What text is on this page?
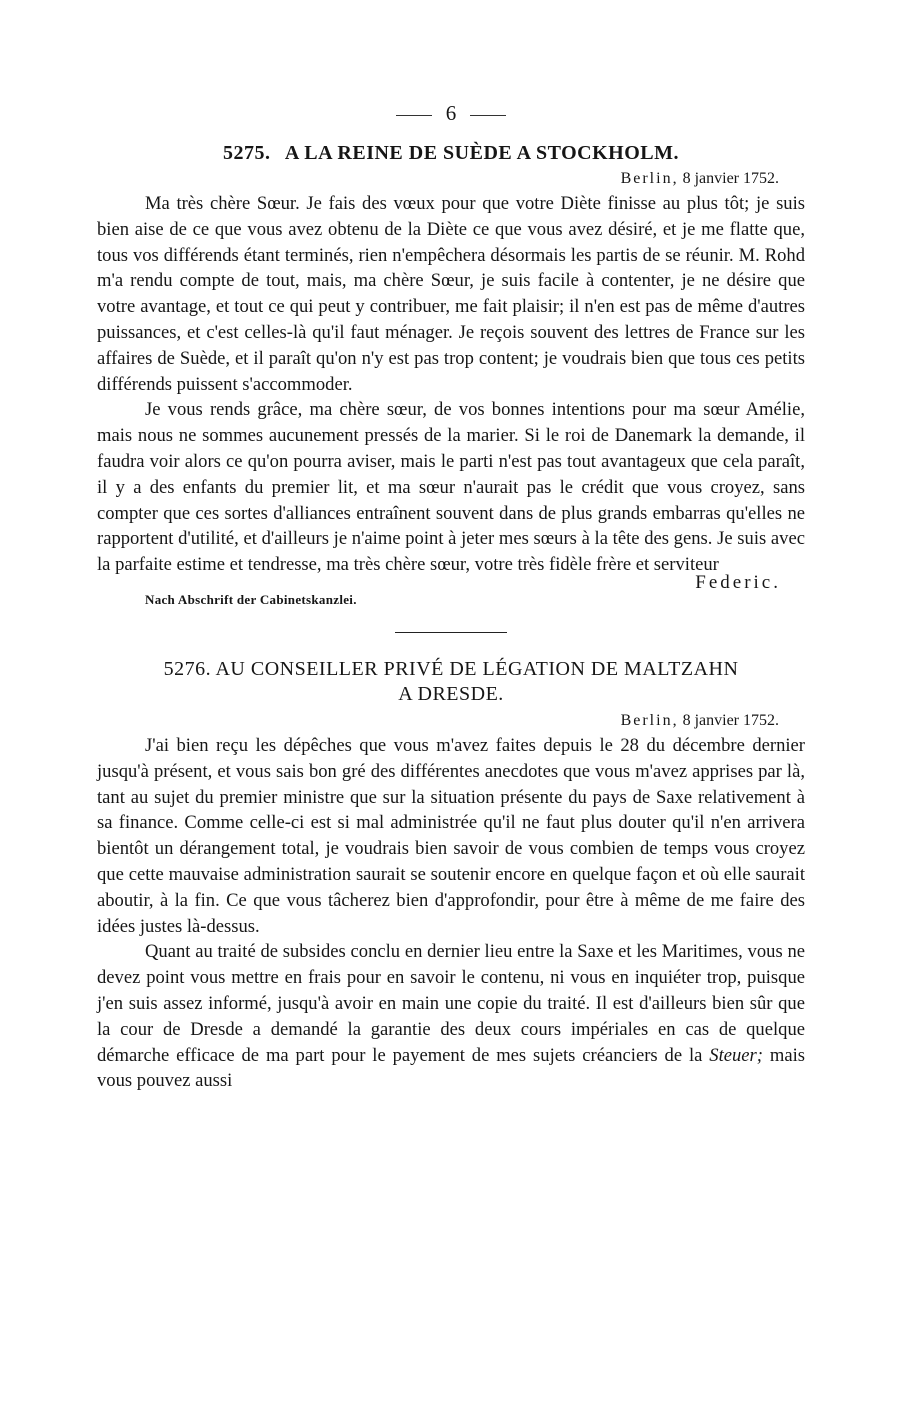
6
5275. A LA REINE DE SUÈDE A STOCKHOLM.
Berlin, 8 janvier 1752.

Ma très chère Sœur. Je fais des vœux pour que votre Diète finisse au plus tôt; je suis bien aise de ce que vous avez obtenu de la Diète ce que vous avez désiré, et je me flatte que, tous vos différends étant terminés, rien n'empêchera désormais les partis de se réunir. M. Rohd m'a rendu compte de tout, mais, ma chère Sœur, je suis facile à contenter, je ne désire que votre avantage, et tout ce qui peut y contribuer, me fait plaisir; il n'en est pas de même d'autres puissances, et c'est celles-là qu'il faut ménager. Je reçois souvent des lettres de France sur les affaires de Suède, et il paraît qu'on n'y est pas trop content; je voudrais bien que tous ces petits différends puissent s'accommoder.

Je vous rends grâce, ma chère sœur, de vos bonnes intentions pour ma sœur Amélie, mais nous ne sommes aucunement pressés de la marier. Si le roi de Danemark la demande, il faudra voir alors ce qu'on pourra aviser, mais le parti n'est pas tout avantageux que cela paraît, il y a des enfants du premier lit, et ma sœur n'aurait pas le crédit que vous croyez, sans compter que ces sortes d'alliances entraînent souvent dans de plus grands embarras qu'elles ne rapportent d'utilité, et d'ailleurs je n'aime point à jeter mes sœurs à la tête des gens. Je suis avec la parfaite estime et tendresse, ma très chère sœur, votre très fidèle frère et serviteur

Federic.
Nach Abschrift der Cabinetskanzlei.
5276. AU CONSEILLER PRIVÉ DE LÉGATION DE MALTZAHN
A DRESDE.
Berlin, 8 janvier 1752.

J'ai bien reçu les dépêches que vous m'avez faites depuis le 28 du décembre dernier jusqu'à présent, et vous sais bon gré des différentes anecdotes que vous m'avez apprises par là, tant au sujet du premier ministre que sur la situation présente du pays de Saxe relativement à sa finance. Comme celle-ci est si mal administrée qu'il ne faut plus douter qu'il n'en arrivera bientôt un dérangement total, je voudrais bien savoir de vous combien de temps vous croyez que cette mauvaise administration saurait se soutenir encore en quelque façon et où elle saurait aboutir, à la fin. Ce que vous tâcherez bien d'approfondir, pour être à même de me faire des idées justes là-dessus.

Quant au traité de subsides conclu en dernier lieu entre la Saxe et les Maritimes, vous ne devez point vous mettre en frais pour en savoir le contenu, ni vous en inquiéter trop, puisque j'en suis assez informé, jusqu'à avoir en main une copie du traité. Il est d'ailleurs bien sûr que la cour de Dresde a demandé la garantie des deux cours impériales en cas de quelque démarche efficace de ma part pour le payement de mes sujets créanciers de la Steuer; mais vous pouvez aussi
